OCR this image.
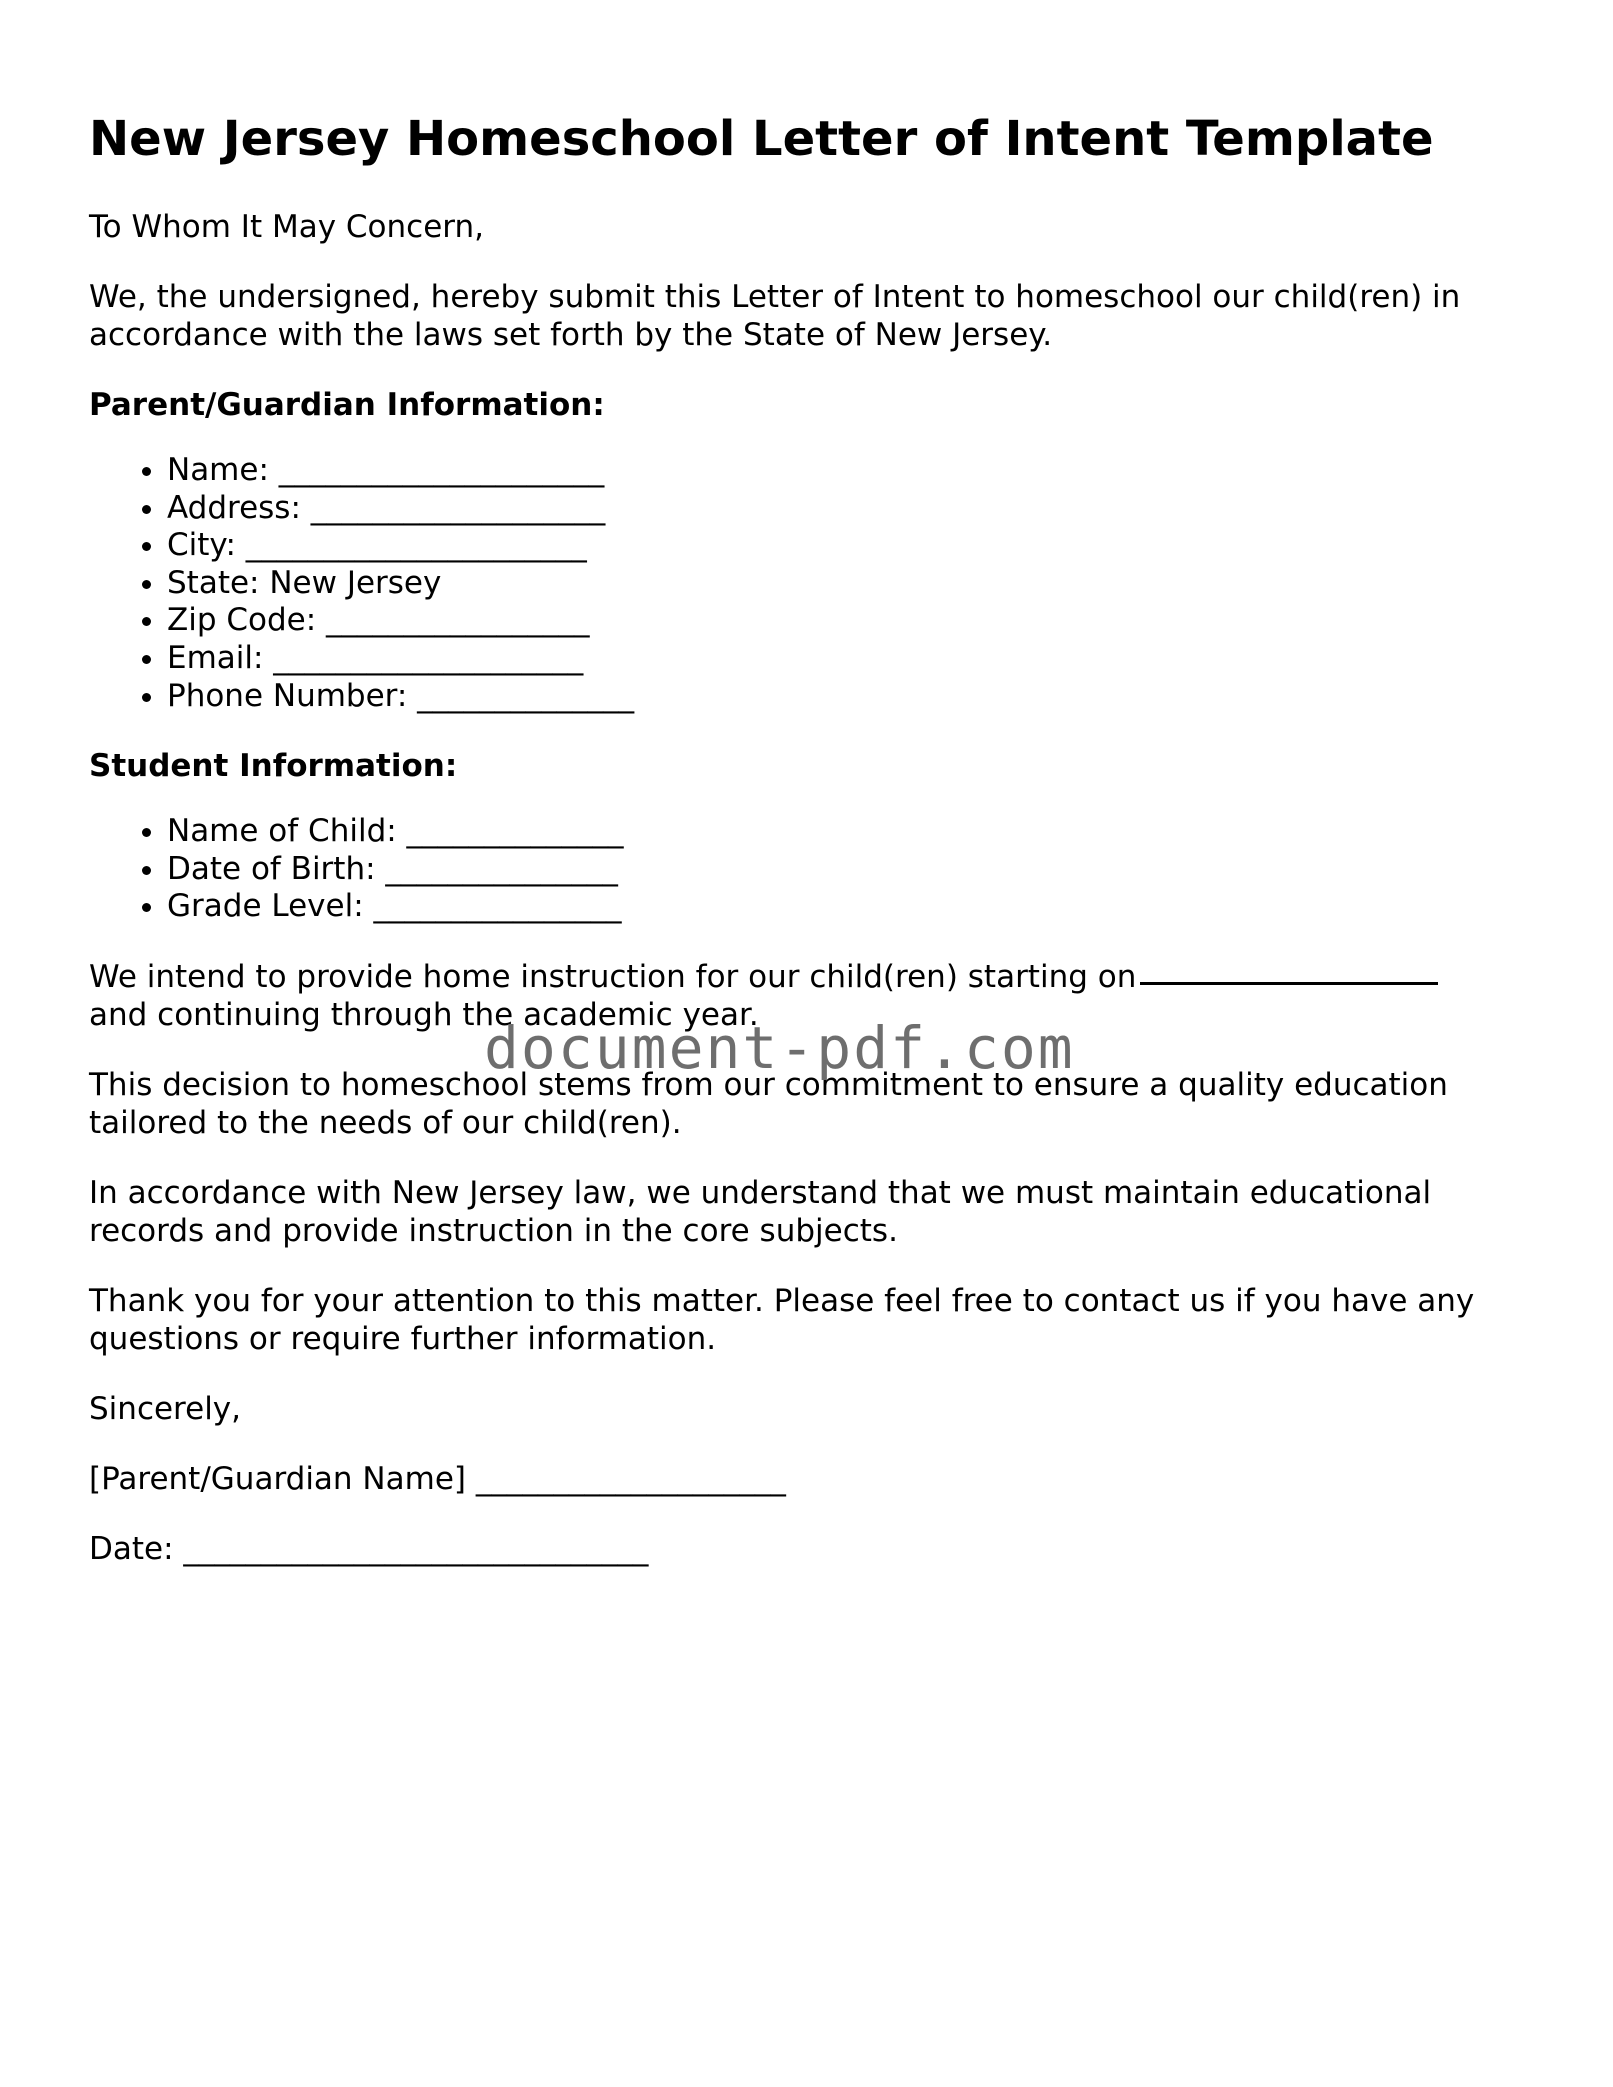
New Jersey Homeschool Letter of Intent Template

To Whom It May Concern,

We, the undersigned, hereby submit this Letter of Intent to homeschool our child(ren) in accordance with the laws set forth by the State of New Jersey.

Parent/Guardian Information:
• Name: _____________________
• Address: ___________________
• City: ______________________
• State: New Jersey
• Zip Code: _________________
• Email: ____________________
• Phone Number: ______________
Student Information:
• Name of Child: ______________
• Date of Birth: _______________
• Grade Level: ________________

We intend to provide home instruction for our child(ren) starting on
and continuing through the academic year.

This decision to homeschool stems from our commitment to ensure a quality education tailored to the needs of our child(ren).

In accordance with New Jersey law, we understand that we must maintain educational records and provide instruction in the core subjects.

Thank you for your attention to this matter. Please feel free to contact us if you have any questions or require further information.

Sincerely,

[Parent/Guardian Name] ____________________

Date: ______________________________

document-pdf.com
